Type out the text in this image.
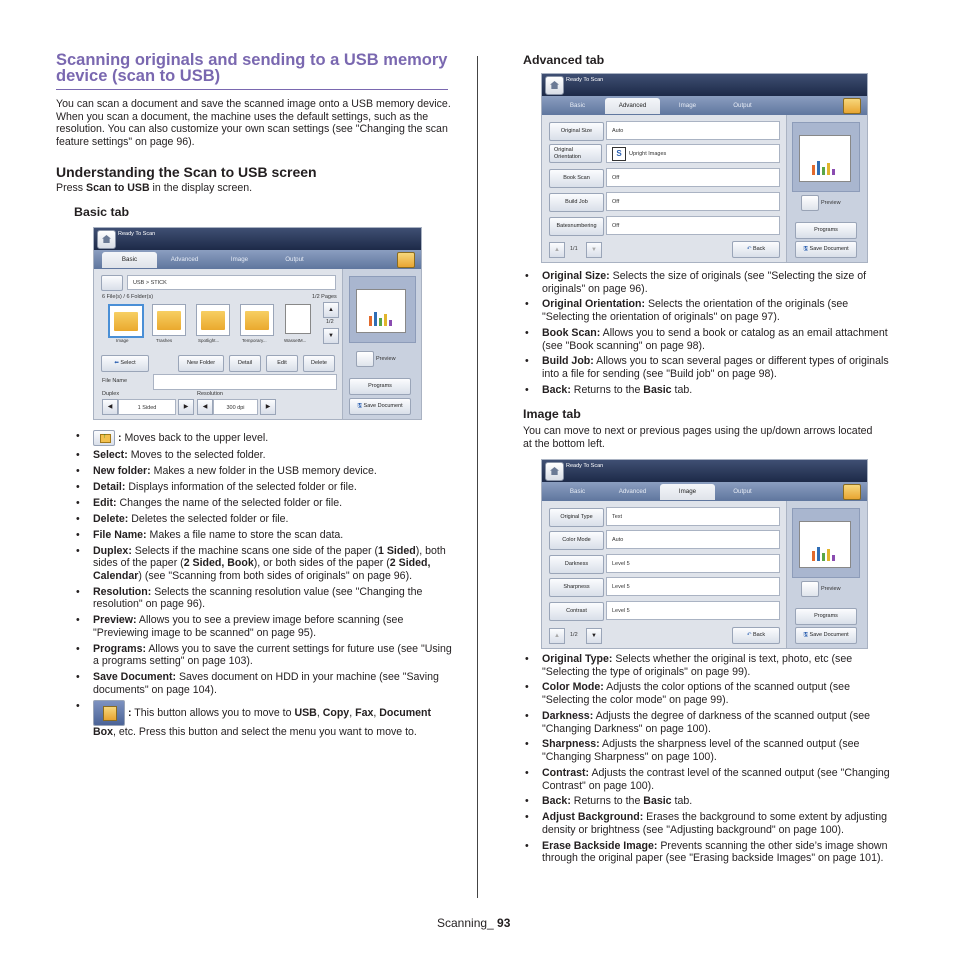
Scanning originals and sending to a USB memory device (scan to USB)
You can scan a document and save the scanned image onto a USB memory device. When you scan a document, the machine uses the default settings, such as the resolution. You can also customize your own scan settings (see "Changing the scan feature settings" on page 96).
Understanding the Scan to USB screen
Press Scan to USB in the display screen.
Basic tab
Ready To Scan
Basic	Advanced	Image	Output
USB > STICK
6 File(s) / 6 Folder(s)	1/2 Pages
Image	Trashes	Spotlight...	Temporary...	WassetM...
▲
1/2
▼
⬅ Select	New Folder	Detail	Edit	Delete
File Name
Duplex	Resolution
◀	1 Sided	▶	◀	300 dpi	▶
Preview
Programs
🖫 Save Document
• ↑ : Moves back to the upper level.
• Select: Moves to the selected folder.
• New folder: Makes a new folder in the USB memory device.
• Detail: Displays information of the selected folder or file.
• Edit: Changes the name of the selected folder or file.
• Delete: Deletes the selected folder or file.
• File Name: Makes a file name to store the scan data.
• Duplex: Selects if the machine scans one side of the paper (1 Sided), both sides of the paper (2 Sided, Book), or both sides of the paper (2 Sided, Calendar) (see "Scanning from both sides of originals" on page 96).
• Resolution: Selects the scanning resolution value (see "Changing the resolution" on page 96).
• Preview: Allows you to see a preview image before scanning (see "Previewing image to be scanned" on page 95).
• Programs: Allows you to save the current settings for future use (see "Using a programs setting" on page 103).
• Save Document: Saves document on HDD in your machine (see "Saving documents" on page 104).
• : This button allows you to move to USB, Copy, Fax, Document Box, etc. Press this button and select the menu you want to move to.
Advanced tab
Ready To Scan
Basic	Advanced	Image	Output
Original Size	Auto
Original Orientation	Upright Images
S
Book Scan	Off
Build Job	Off
Batesnumbering	Off
▲	1/1	▼	↶ Back
Preview
Programs
🖫 Save Document
• Original Size: Selects the size of originals (see "Selecting the size of originals" on page 96).
• Original Orientation: Selects the orientation of the originals (see "Selecting the orientation of originals" on page 97).
• Book Scan: Allows you to send a book or catalog as an email attachment (see "Book scanning" on page 98).
• Build Job: Allows you to scan several pages or different types of originals into a file for sending (see "Build job" on page 98).
• Back: Returns to the Basic tab.
Image tab
You can move to next or previous pages using the up/down arrows located at the bottom left.
Ready To Scan
Basic	Advanced	Image	Output
Original Type	Text
Color Mode	Auto
Darkness	Level 5
Sharpness	Level 5
Contrast	Level 5
▲	1/2	▼	↶ Back
Preview
Programs
🖫 Save Document
• Original Type: Selects whether the original is text, photo, etc (see "Selecting the type of originals" on page 99).
• Color Mode: Adjusts the color options of the scanned output (see "Selecting the color mode" on page 99).
• Darkness: Adjusts the degree of darkness of the scanned output (see "Changing Darkness" on page 100).
• Sharpness: Adjusts the sharpness level of the scanned output (see "Changing Sharpness" on page 100).
• Contrast: Adjusts the contrast level of the scanned output (see "Changing Contrast" on page 100).
• Back: Returns to the Basic tab.
• Adjust Background: Erases the background to some extent by adjusting density or brightness (see "Adjusting background" on page 100).
• Erase Backside Image: Prevents scanning the other side’s image shown through the original paper (see "Erasing backside Images" on page 101).
Scanning_ 93
